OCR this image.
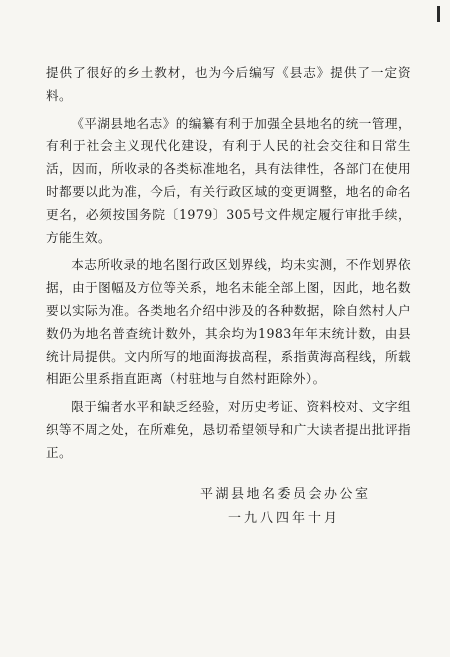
提供了很好的乡土教材，也为今后编写《县志》提供了一定资料。

《平湖县地名志》的编纂有利于加强全县地名的统一管理，有利于社会主义现代化建设，有利于人民的社会交往和日常生活，因而，所收录的各类标准地名，具有法律性，各部门在使用时都要以此为准，今后，有关行政区域的变更调整，地名的命名更名，必须按国务院〔1979〕305号文件规定履行审批手续，方能生效。

本志所收录的地名图行政区划界线，均未实测，不作划界依据，由于图幅及方位等关系，地名未能全部上图，因此，地名数要以实际为准。各类地名介绍中涉及的各种数据，除自然村人户数仍为地名普查统计数外，其余均为1983年年末统计数，由县统计局提供。文内所写的地面海拔高程，系指黄海高程线，所载相距公里系指直距离（村驻地与自然村距除外）。

限于编者水平和缺乏经验，对历史考证、资料校对、文字组织等不周之处，在所难免，恳切希望领导和广大读者提出批评指正。

平湖县地名委员会办公室
一九八四年十月
